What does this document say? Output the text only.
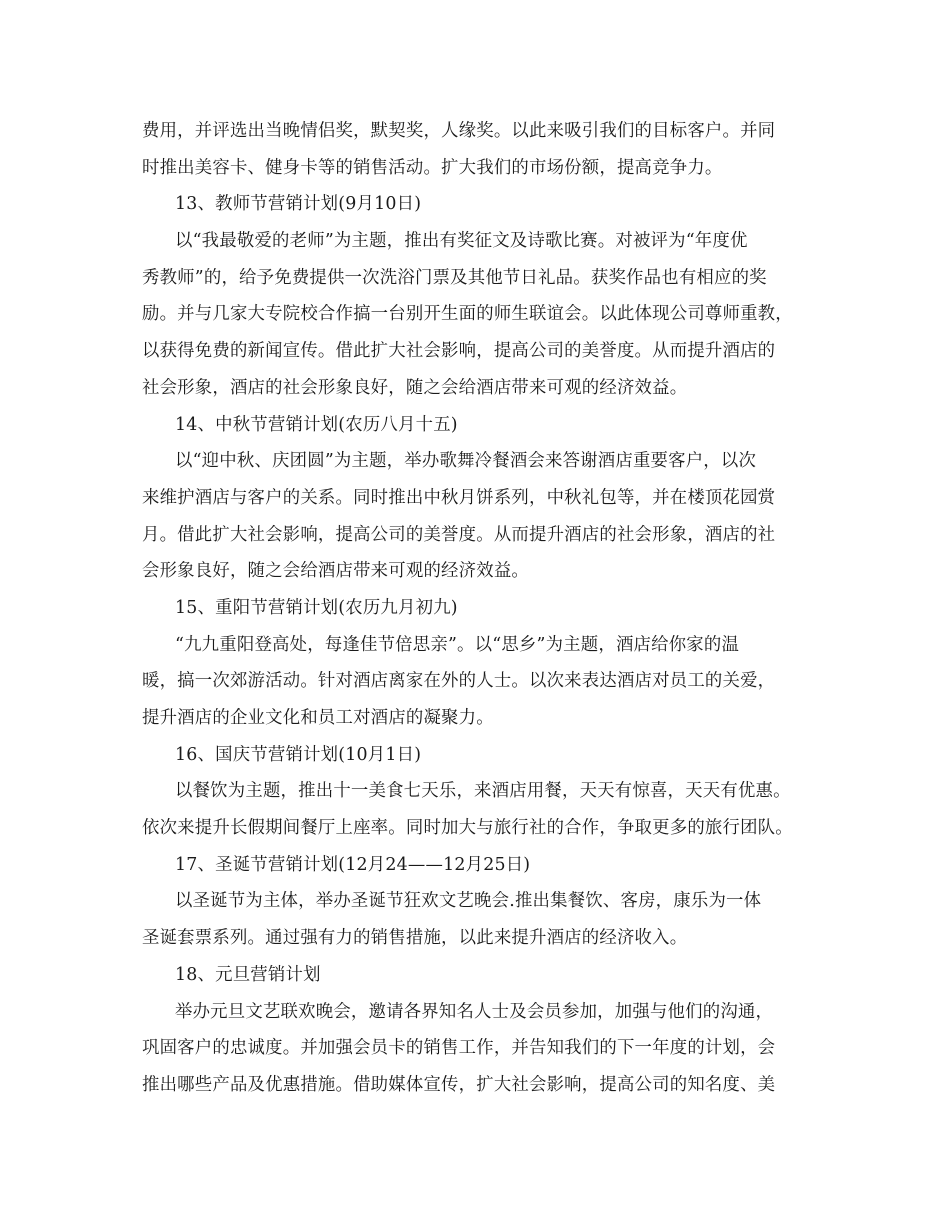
费用，并评选出当晚情侣奖，默契奖，人缘奖。以此来吸引我们的目标客户。并同
时推出美容卡、健身卡等的销售活动。扩大我们的市场份额，提高竞争力。
13、教师节营销计划(9月10日)
以“我最敬爱的老师”为主题，推出有奖征文及诗歌比赛。对被评为“年度优
秀教师”的，给予免费提供一次洗浴门票及其他节日礼品。获奖作品也有相应的奖
励。并与几家大专院校合作搞一台别开生面的师生联谊会。以此体现公司尊师重教，
以获得免费的新闻宣传。借此扩大社会影响，提高公司的美誉度。从而提升酒店的
社会形象，酒店的社会形象良好，随之会给酒店带来可观的经济效益。
14、中秋节营销计划(农历八月十五)
以“迎中秋、庆团圆”为主题，举办歌舞冷餐酒会来答谢酒店重要客户，以次
来维护酒店与客户的关系。同时推出中秋月饼系列，中秋礼包等，并在楼顶花园赏
月。借此扩大社会影响，提高公司的美誉度。从而提升酒店的社会形象，酒店的社
会形象良好，随之会给酒店带来可观的经济效益。
15、重阳节营销计划(农历九月初九)
“九九重阳登高处，每逢佳节倍思亲”。以“思乡”为主题，酒店给你家的温
暖，搞一次郊游活动。针对酒店离家在外的人士。以次来表达酒店对员工的关爱，
提升酒店的企业文化和员工对酒店的凝聚力。
16、国庆节营销计划(10月1日)
以餐饮为主题，推出十一美食七天乐，来酒店用餐，天天有惊喜，天天有优惠。
依次来提升长假期间餐厅上座率。同时加大与旅行社的合作，争取更多的旅行团队。
17、圣诞节营销计划(12月24——12月25日)
以圣诞节为主体，举办圣诞节狂欢文艺晚会.推出集餐饮、客房，康乐为一体
圣诞套票系列。通过强有力的销售措施，以此来提升酒店的经济收入。
18、元旦营销计划
举办元旦文艺联欢晚会，邀请各界知名人士及会员参加，加强与他们的沟通，
巩固客户的忠诚度。并加强会员卡的销售工作，并告知我们的下一年度的计划，会
推出哪些产品及优惠措施。借助媒体宣传，扩大社会影响，提高公司的知名度、美
